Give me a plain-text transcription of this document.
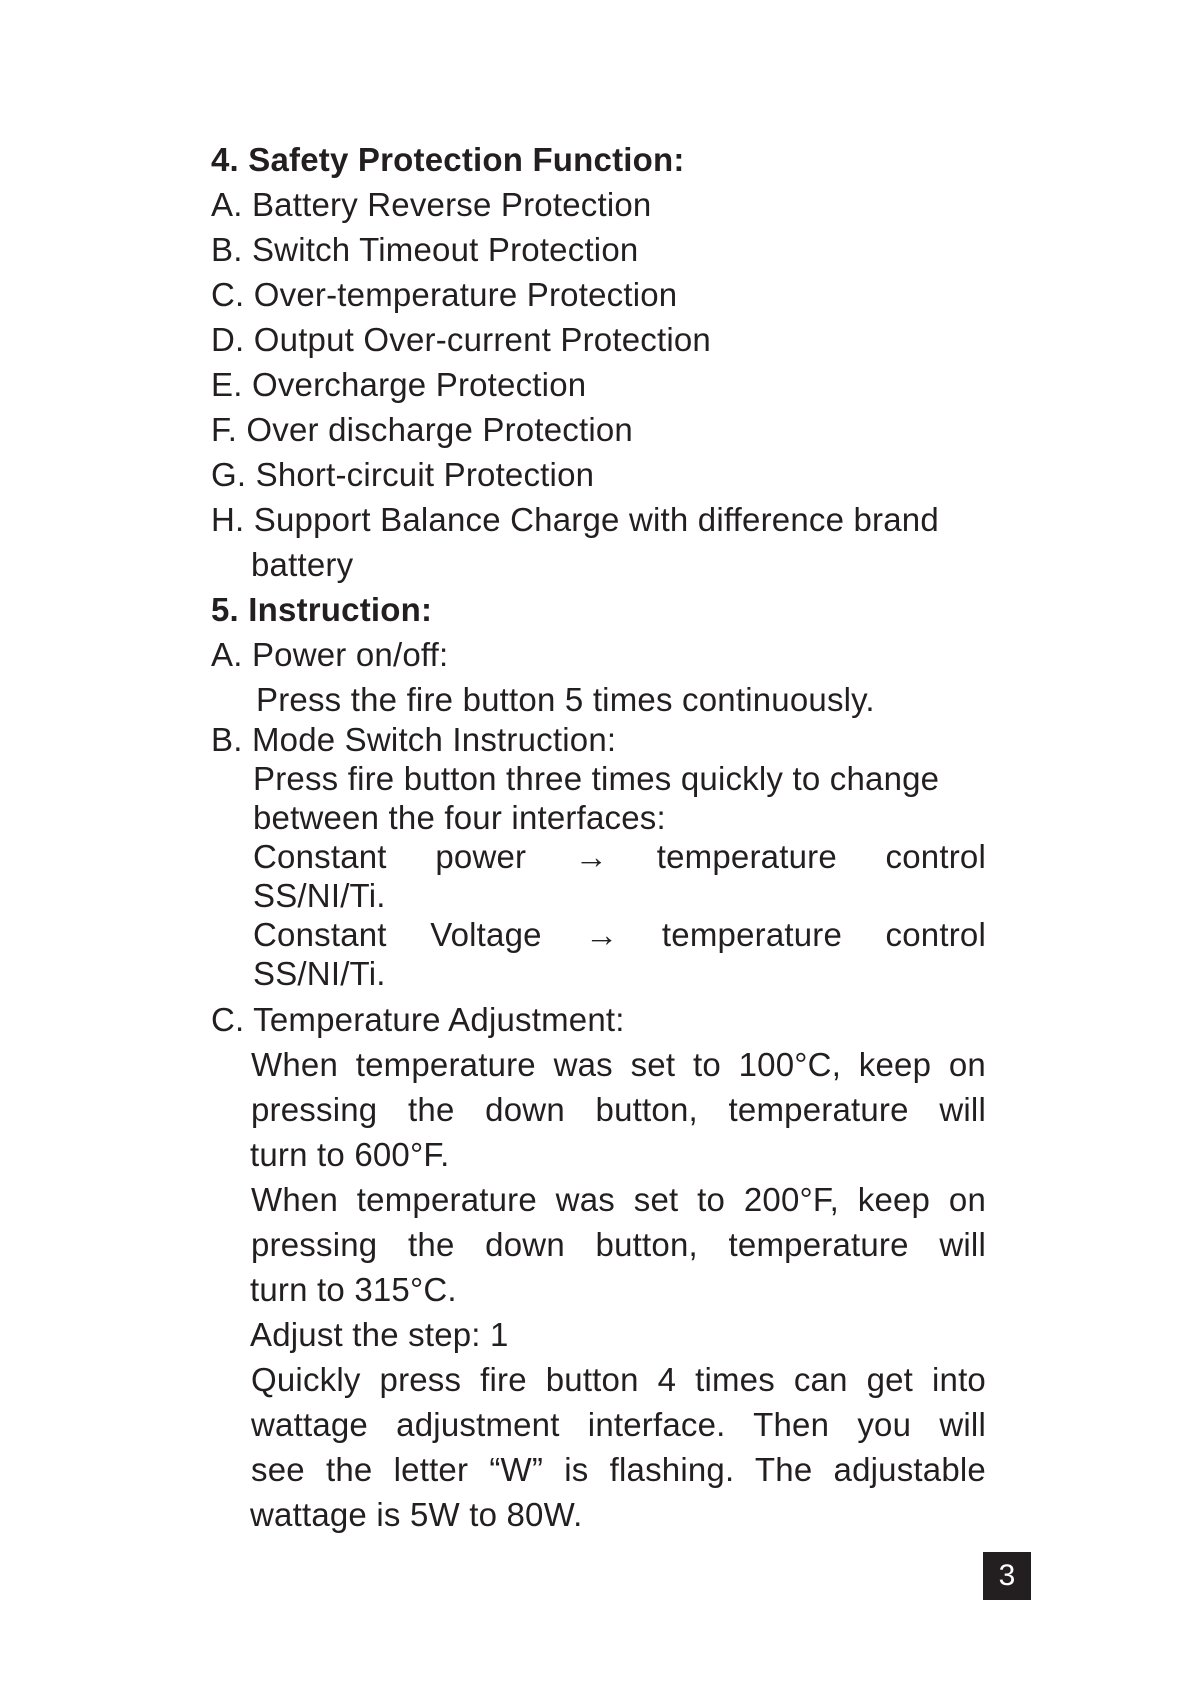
4. Safety Protection Function:
A. Battery Reverse Protection
B. Switch Timeout Protection
C. Over-temperature Protection
D. Output Over-current Protection
E. Overcharge Protection
F. Over discharge Protection
G. Short-circuit Protection
H. Support Balance Charge with difference brand
battery
5. Instruction:
A. Power on/off:
Press the fire button 5 times continuously.
B. Mode Switch Instruction:
Press fire button three times quickly to change
between the four interfaces:
Constant power → temperature control
SS/NI/Ti.
Constant Voltage → temperature control
SS/NI/Ti.
C. Temperature Adjustment:
When temperature was set to 100°C, keep on
pressing the down button, temperature will
turn to 600°F.
When temperature was set to 200°F, keep on
pressing the down button, temperature will
turn to 315°C.
Adjust the step: 1
Quickly press fire button 4 times can get into
wattage adjustment interface. Then you will
see the letter “W” is flashing. The adjustable
wattage is 5W to 80W.
3
